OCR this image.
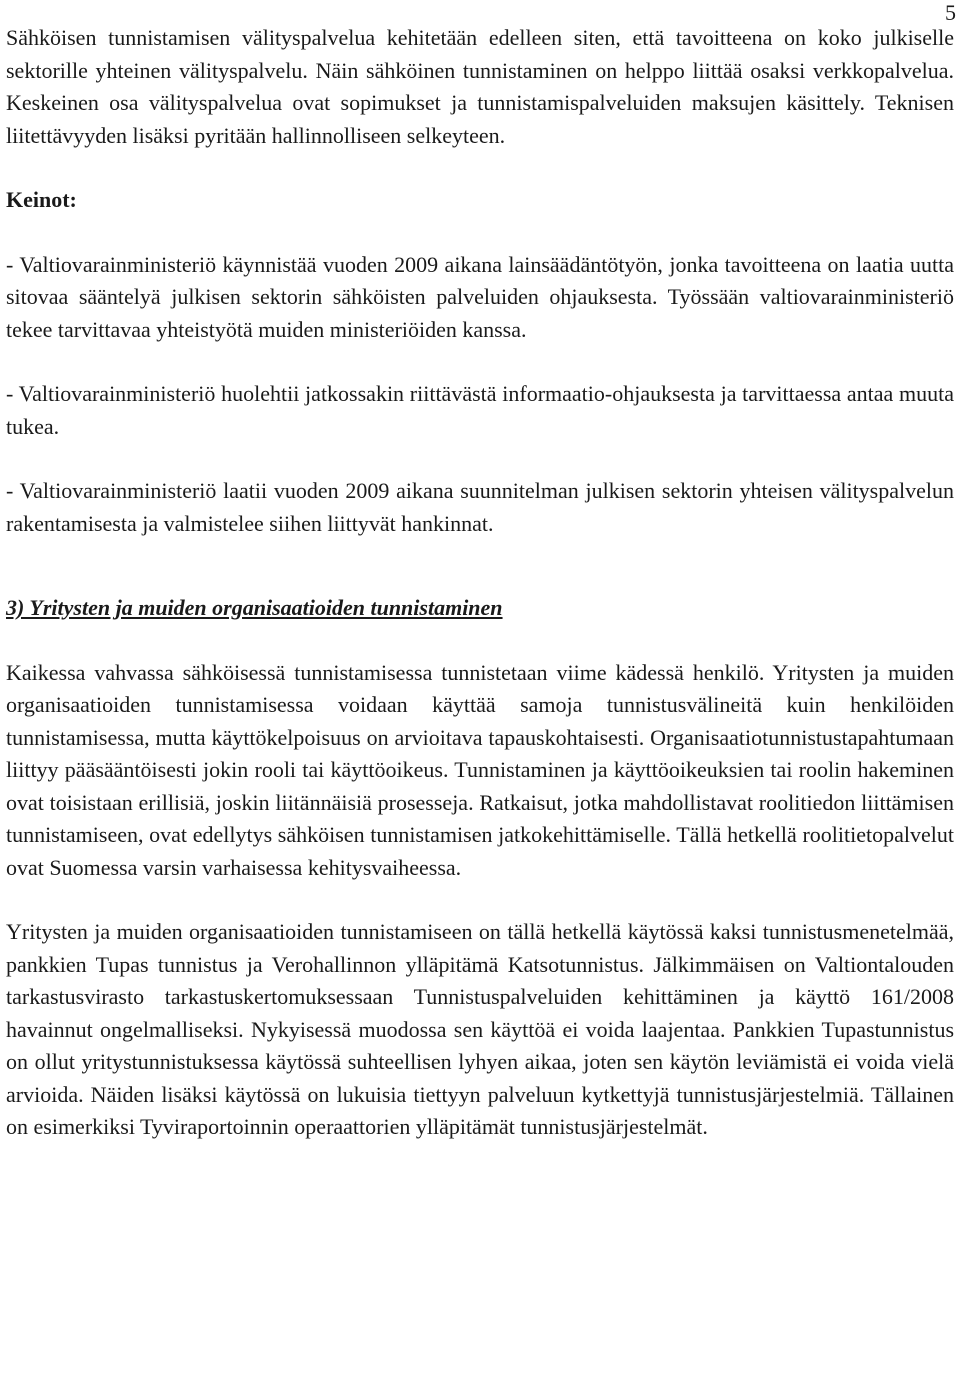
5

Sähköisen tunnistamisen välityspalvelua kehitetään edelleen siten, että tavoitteena on koko julkiselle sektorille yhteinen välityspalvelu. Näin sähköinen tunnistaminen on helppo liittää osaksi verkkopalvelua. Keskeinen osa välityspalvelua ovat sopimukset ja tunnistamispalveluiden maksujen käsittely. Teknisen liitettävyyden lisäksi pyritään hallinnolliseen selkeyteen.

Keinot:

- Valtiovarainministeriö käynnistää vuoden 2009 aikana lainsäädäntötyön, jonka tavoitteena on laatia uutta sitovaa sääntelyä julkisen sektorin sähköisten palveluiden ohjauksesta. Työssään valtiovarainministeriö tekee tarvittavaa yhteistyötä muiden ministeriöiden kanssa.

- Valtiovarainministeriö huolehtii jatkossakin riittävästä informaatio-ohjauksesta ja tarvittaessa antaa muuta tukea.

- Valtiovarainministeriö laatii vuoden 2009 aikana suunnitelman julkisen sektorin yhteisen välityspalvelun rakentamisesta ja valmistelee siihen liittyvät hankinnat.

3) Yritysten ja muiden organisaatioiden tunnistaminen

Kaikessa vahvassa sähköisessä tunnistamisessa tunnistetaan viime kädessä henkilö. Yritysten ja muiden organisaatioiden tunnistamisessa voidaan käyttää samoja tunnistusvälineitä kuin henkilöiden tunnistamisessa, mutta käyttökelpoisuus on arvioitava tapauskohtaisesti. Organisaatiotunnistustapahtumaan liittyy pääsääntöisesti jokin rooli tai käyttöoikeus. Tunnistaminen ja käyttöoikeuksien tai roolin hakeminen ovat toisistaan erillisiä, joskin liitännäisiä prosesseja. Ratkaisut, jotka mahdollistavat roolitiedon liittämisen tunnistamiseen, ovat edellytys sähköisen tunnistamisen jatkokehittämiselle. Tällä hetkellä roolitietopalvelut ovat Suomessa varsin varhaisessa kehitysvaiheessa.

Yritysten ja muiden organisaatioiden tunnistamiseen on tällä hetkellä käytössä kaksi tunnistusmenetelmää, pankkien Tupas tunnistus ja Verohallinnon ylläpitämä Katsotunnistus. Jälkimmäisen on Valtiontalouden tarkastusvirasto tarkastuskertomuksessaan Tunnistuspalveluiden kehittäminen ja käyttö 161/2008 havainnut ongelmalliseksi. Nykyisessä muodossa sen käyttöä ei voida laajentaa. Pankkien Tupastunnistus on ollut yritystunnistuksessa käytössä suhteellisen lyhyen aikaa, joten sen käytön leviämistä ei voida vielä arvioida. Näiden lisäksi käytössä on lukuisia tiettyyn palveluun kytkettyjä tunnistusjärjestelmiä. Tällainen on esimerkiksi Tyviraportoinnin operaattorien ylläpitämät tunnistusjärjestelmät.
